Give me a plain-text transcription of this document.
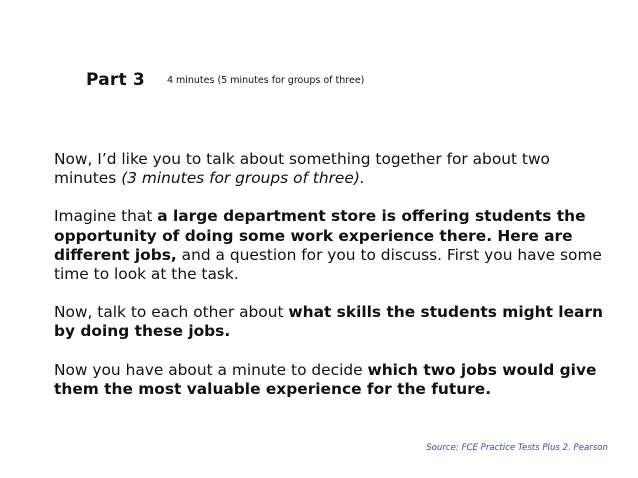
Part 3 4 minutes (5 minutes for groups of three)

Now, I’d like you to talk about something together for about two minutes (3 minutes for groups of three).

Imagine that a large department store is offering students the opportunity of doing some work experience there. Here are different jobs, and a question for you to discuss. First you have some time to look at the task.

Now, talk to each other about what skills the students might learn by doing these jobs.

Now you have about a minute to decide which two jobs would give them the most valuable experience for the future.

Source: FCE Practice Tests Plus 2. Pearson
